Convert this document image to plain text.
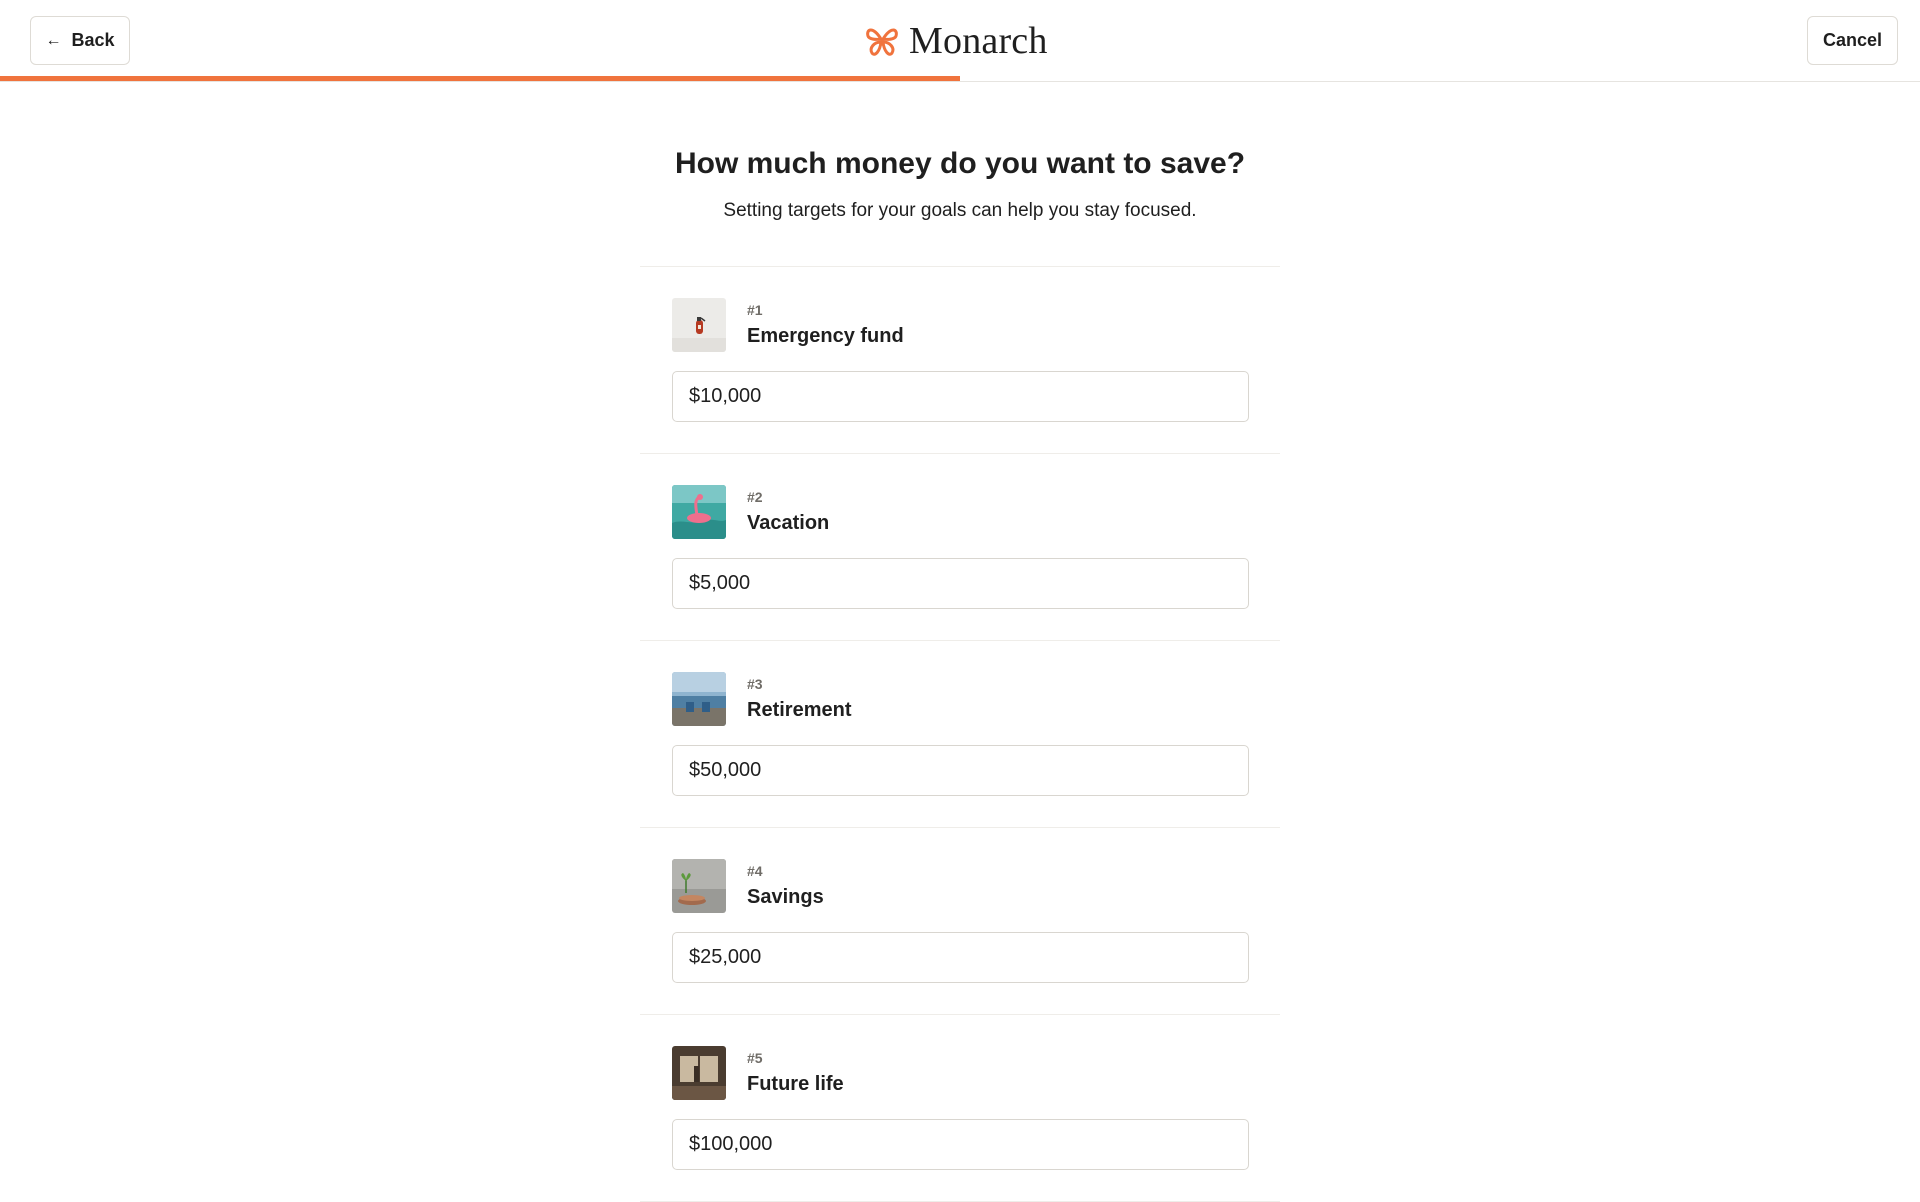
← Back	Monarch	Cancel
How much money do you want to save?

Setting targets for your goals can help you stay focused.

#1
Emergency fund
$10,000
#2
Vacation
$5,000
#3
Retirement
$50,000
#4
Savings
$25,000
#5
Future life
$100,000
